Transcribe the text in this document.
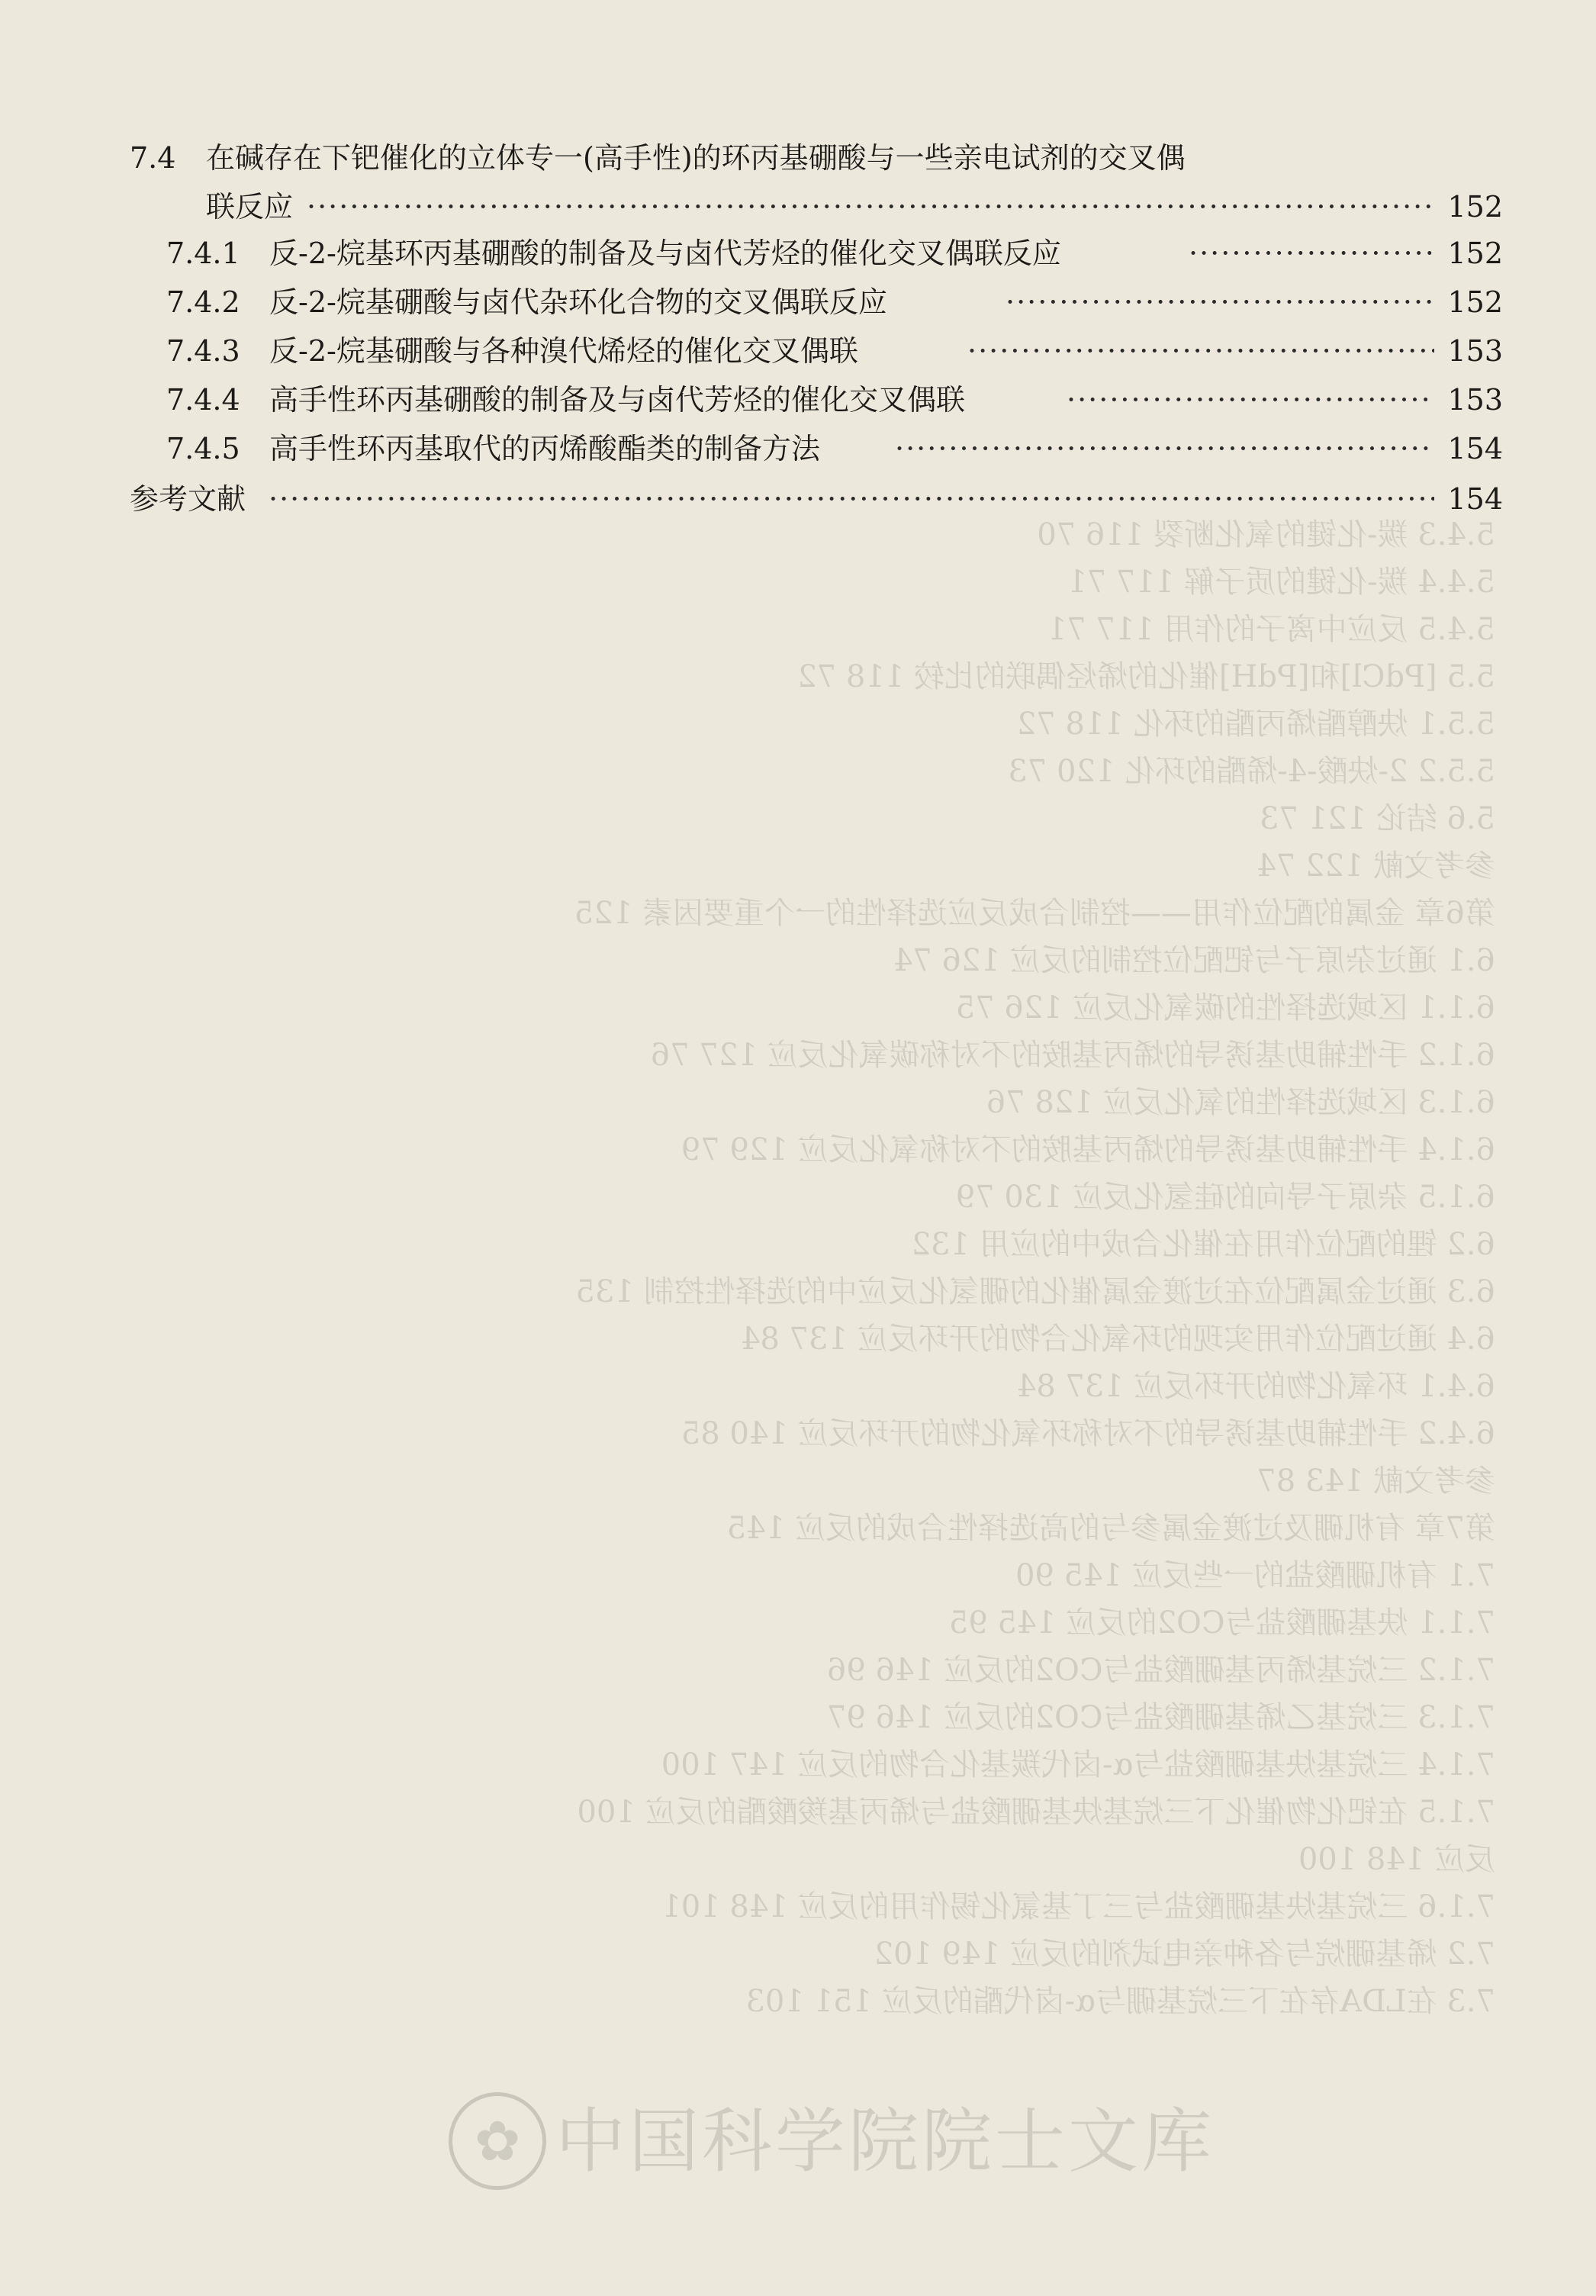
5.4.3 羰-化键的氧化断裂 116 70
5.4.4 羰-化键的质子解 117 71
5.4.5 反应中离子的作用 117 71
5.5 [PdCl]和[PdH]催化的烯烃偶联的比较 118 72
5.5.1 炔醇酯烯丙酯的环化 118 72
5.5.2 2-炔酸-4-烯酯的环化 120 73
5.6 结论 121 73
参考文献 122 74
第6章 金属的配位作用——控制合成反应选择性的一个重要因素 125
6.1 通过杂原子与钯配位控制的反应 126 74
6.1.1 区域选择性的碳氧化反应 126 75
6.1.2 手性辅助基诱导的烯丙基胺的不对称碳氧化反应 127 76
6.1.3 区域选择性的氧化反应 128 76
6.1.4 手性辅助基诱导的烯丙基胺的不对称氧化反应 129 79
6.1.5 杂原子导向的硅氢化反应 130 79
6.2 锂的配位作用在催化合成中的应用 132
6.3 通过金属配位在过渡金属催化的硼氢化反应中的选择性控制 135
6.4 通过配位作用实现的环氧化合物的开环反应 137 84
6.4.1 环氧化物的开环反应 137 84
6.4.2 手性辅助基诱导的不对称环氧化物的开环反应 140 85
参考文献 143 87
第7章 有机硼及过渡金属参与的高选择性合成的反应 145
7.1 有机硼酸盐的一些反应 145 90
7.1.1 炔基硼酸盐与CO2的反应 145 95
7.1.2 三烷基烯丙基硼酸盐与CO2的反应 146 96
7.1.3 三烷基乙烯基硼酸盐与CO2的反应 146 97
7.1.4 三烷基炔基硼酸盐与α-卤代羰基化合物的反应 147 100
7.1.5 在钯化物催化下三烷基炔基硼酸盐与烯丙基羧酸酯的反应 100
反应 148 100
7.1.6 三烷基炔基硼酸盐与三丁基氯化锡作用的反应 148 101
7.2 烯基硼烷与各种亲电试剂的反应 149 102
7.3 在LDA存在下三烷基硼与α-卤代酯的反应 151 103
7.4 在碱存在下钯催化的立体专一(高手性)的环丙基硼酸与一些亲电试剂的交叉偶
联反应 ·····	152
7.4.1 反-2-烷基环丙基硼酸的制备及与卤代芳烃的催化交叉偶联反应 ·····	152
7.4.2 反-2-烷基硼酸与卤代杂环化合物的交叉偶联反应 ·····	152
7.4.3 反-2-烷基硼酸与各种溴代烯烃的催化交叉偶联 ·····	153
7.4.4 高手性环丙基硼酸的制备及与卤代芳烃的催化交叉偶联 ·····	153
7.4.5 高手性环丙基取代的丙烯酸酯类的制备方法 ·····	154
参考文献 ·····	154
✿
中国科学院院士文库
